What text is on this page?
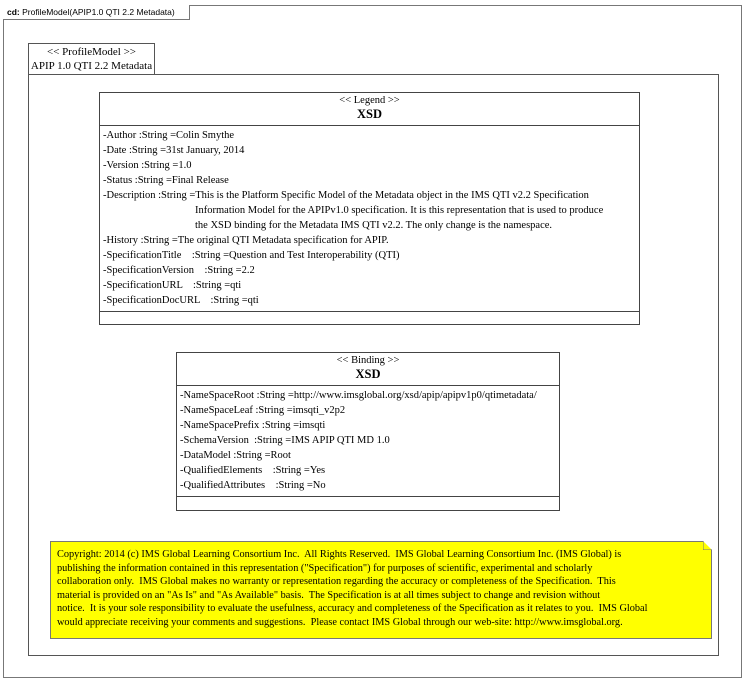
cd: ProfileModel(APIP1.0 QTI 2.2 Metadata)
<< ProfileModel >>
APIP 1.0 QTI 2.2 Metadata
<< Legend >>
XSD
-Author :String =Colin Smythe
-Date :String =31st January, 2014
-Version :String =1.0
-Status :String =Final Release
-Description :String =This is the Platform Specific Model of the Metadata object in the IMS QTI v2.2 Specification
Information Model for the APIPv1.0 specification. It is this representation that is used to produce
the XSD binding for the Metadata IMS QTI v2.2. The only change is the namespace.
-History :String =The original QTI Metadata specification for APIP.
-SpecificationTitle    :String =Question and Test Interoperability (QTI)
-SpecificationVersion    :String =2.2
-SpecificationURL    :String =qti
-SpecificationDocURL    :String =qti
<< Binding >>
XSD
-NameSpaceRoot :String =http://www.imsglobal.org/xsd/apip/apipv1p0/qtimetadata/
-NameSpaceLeaf :String =imsqti_v2p2
-NameSpacePrefix :String =imsqti
-SchemaVersion  :String =IMS APIP QTI MD 1.0
-DataModel :String =Root
-QualifiedElements    :String =Yes
-QualifiedAttributes    :String =No
Copyright: 2014 (c) IMS Global Learning Consortium Inc.  All Rights Reserved.  IMS Global Learning Consortium Inc. (IMS Global) is
publishing the information contained in this representation ("Specification") for purposes of scientific, experimental and scholarly
collaboration only.  IMS Global makes no warranty or representation regarding the accuracy or completeness of the Specification.  This
material is provided on an "As Is" and "As Available" basis.  The Specification is at all times subject to change and revision without
notice.  It is your sole responsibility to evaluate the usefulness, accuracy and completeness of the Specification as it relates to you.  IMS Global
would appreciate receiving your comments and suggestions.  Please contact IMS Global through our web-site: http://www.imsglobal.org.
